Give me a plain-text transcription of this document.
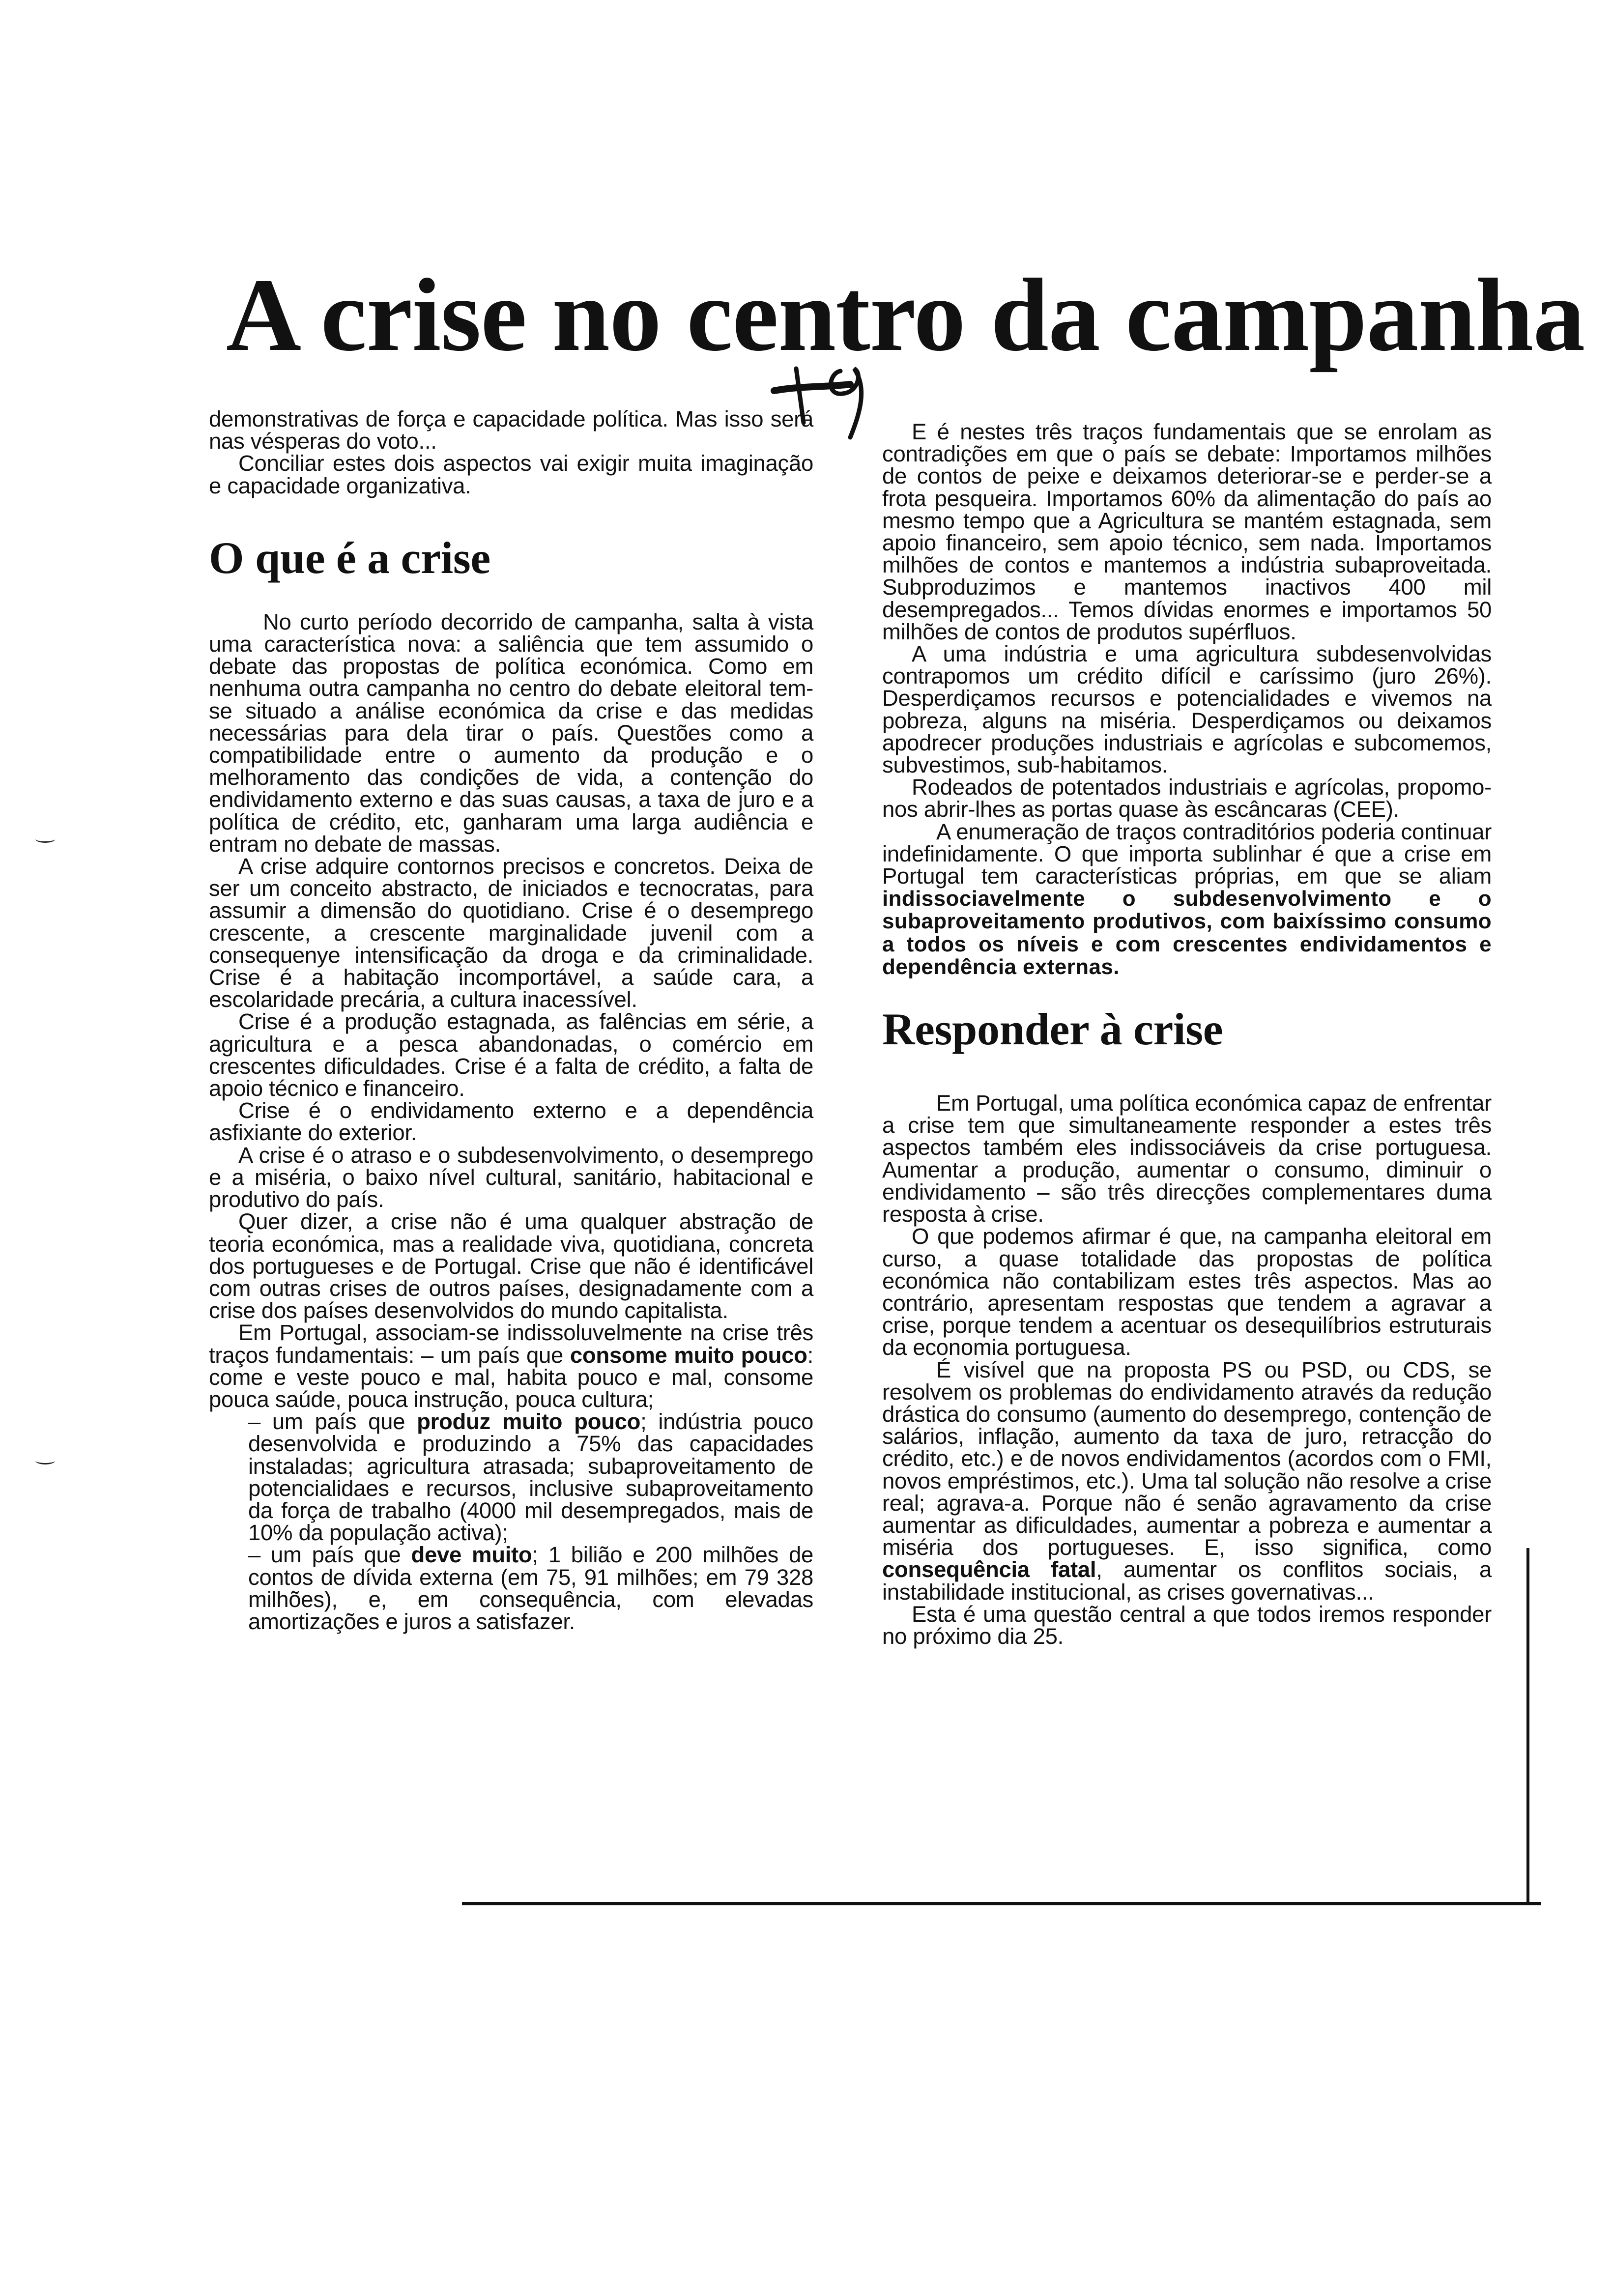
A crise no centro da campanha

demonstrativas de força e capacidade política. Mas isso será nas vésperas do voto...

Conciliar estes dois aspectos vai exigir muita imaginação e capacidade organizativa.

O que é a crise

No curto período decorrido de campanha, salta à vista uma característica nova: a saliência que tem assumido o debate das propostas de política económica. Como em nenhuma outra campanha no centro do debate eleitoral tem-se situado a análise económica da crise e das medidas necessárias para dela tirar o país. Questões como a compatibilidade entre o aumento da produção e o melhoramento das condições de vida, a contenção do endividamento externo e das suas causas, a taxa de juro e a política de crédito, etc, ganharam uma larga audiência e entram no debate de massas.

A crise adquire contornos precisos e concretos. Deixa de ser um conceito abstracto, de iniciados e tecnocratas, para assumir a dimensão do quotidiano. Crise é o desemprego crescente, a crescente marginalidade juvenil com a consequenye intensificação da droga e da criminalidade. Crise é a habitação incomportável, a saúde cara, a escolaridade precária, a cultura inacessível.

Crise é a produção estagnada, as falências em série, a agricultura e a pesca abandonadas, o comércio em crescentes dificuldades. Crise é a falta de crédito, a falta de apoio técnico e financeiro.

Crise é o endividamento externo e a dependência asfixiante do exterior.

A crise é o atraso e o subdesenvolvimento, o desemprego e a miséria, o baixo nível cultural, sanitário, habitacional e produtivo do país.

Quer dizer, a crise não é uma qualquer abstração de teoria económica, mas a realidade viva, quotidiana, concreta dos portugueses e de Portugal. Crise que não é identificável com outras crises de outros países, designadamente com a crise dos países desenvolvidos do mundo capitalista.

Em Portugal, associam-se indissoluvelmente na crise três traços fundamentais: – um país que consome muito pouco: come e veste pouco e mal, habita pouco e mal, consome pouca saúde, pouca instrução, pouca cultura;

– um país que produz muito pouco; indústria pouco desenvolvida e produzindo a 75% das capacidades instaladas; agricultura atrasada; subaproveitamento de potencialidaes e recursos, inclusive subaproveitamento da força de trabalho (4000 mil desempregados, mais de 10% da população activa);

– um país que deve muito; 1 bilião e 200 milhões de contos de dívida externa (em 75, 91 milhões; em 79 328 milhões), e, em consequência, com elevadas amortizações e juros a satisfazer.

E é nestes três traços fundamentais que se enrolam as contradições em que o país se debate: Importamos milhões de contos de peixe e deixamos deteriorar-se e perder-se a frota pesqueira. Importamos 60% da alimentação do país ao mesmo tempo que a Agricultura se mantém estagnada, sem apoio financeiro, sem apoio técnico, sem nada. Importamos milhões de contos e mantemos a indústria subaproveitada. Subproduzimos e mantemos inactivos 400 mil desempregados... Temos dívidas enormes e importamos 50 milhões de contos de produtos supérfluos.

A uma indústria e uma agricultura subdesenvolvidas contrapomos um crédito difícil e caríssimo (juro 26%). Desperdiçamos recursos e potencialidades e vivemos na pobreza, alguns na miséria. Desperdiçamos ou deixamos apodrecer produções industriais e agrícolas e subcomemos, subvestimos, sub-habitamos.

Rodeados de potentados industriais e agrícolas, propomo-nos abrir-lhes as portas quase às escâncaras (CEE).

A enumeração de traços contraditórios poderia continuar indefinidamente. O que importa sublinhar é que a crise em Portugal tem características próprias, em que se aliam indissociavelmente o subdesenvolvimento e o subaproveitamento produtivos, com baixíssimo consumo a todos os níveis e com crescentes endividamentos e dependência externas.

Responder à crise

Em Portugal, uma política económica capaz de enfrentar a crise tem que simultaneamente responder a estes três aspectos também eles indissociáveis da crise portuguesa. Aumentar a produção, aumentar o consumo, diminuir o endividamento – são três direcções complementares duma resposta à crise.

O que podemos afirmar é que, na campanha eleitoral em curso, a quase totalidade das propostas de política económica não contabilizam estes três aspectos. Mas ao contrário, apresentam respostas que tendem a agravar a crise, porque tendem a acentuar os desequilíbrios estruturais da economia portuguesa.

É visível que na proposta PS ou PSD, ou CDS, se resolvem os problemas do endividamento através da redução drástica do consumo (aumento do desemprego, contenção de salários, inflação, aumento da taxa de juro, retracção do crédito, etc.) e de novos endividamentos (acordos com o FMI, novos empréstimos, etc.). Uma tal solução não resolve a crise real; agrava-a. Porque não é senão agravamento da crise aumentar as dificuldades, aumentar a pobreza e aumentar a miséria dos portugueses. E, isso significa, como consequência fatal, aumentar os conflitos sociais, a instabilidade institucional, as crises governativas...

Esta é uma questão central a que todos iremos responder no próximo dia 25.
